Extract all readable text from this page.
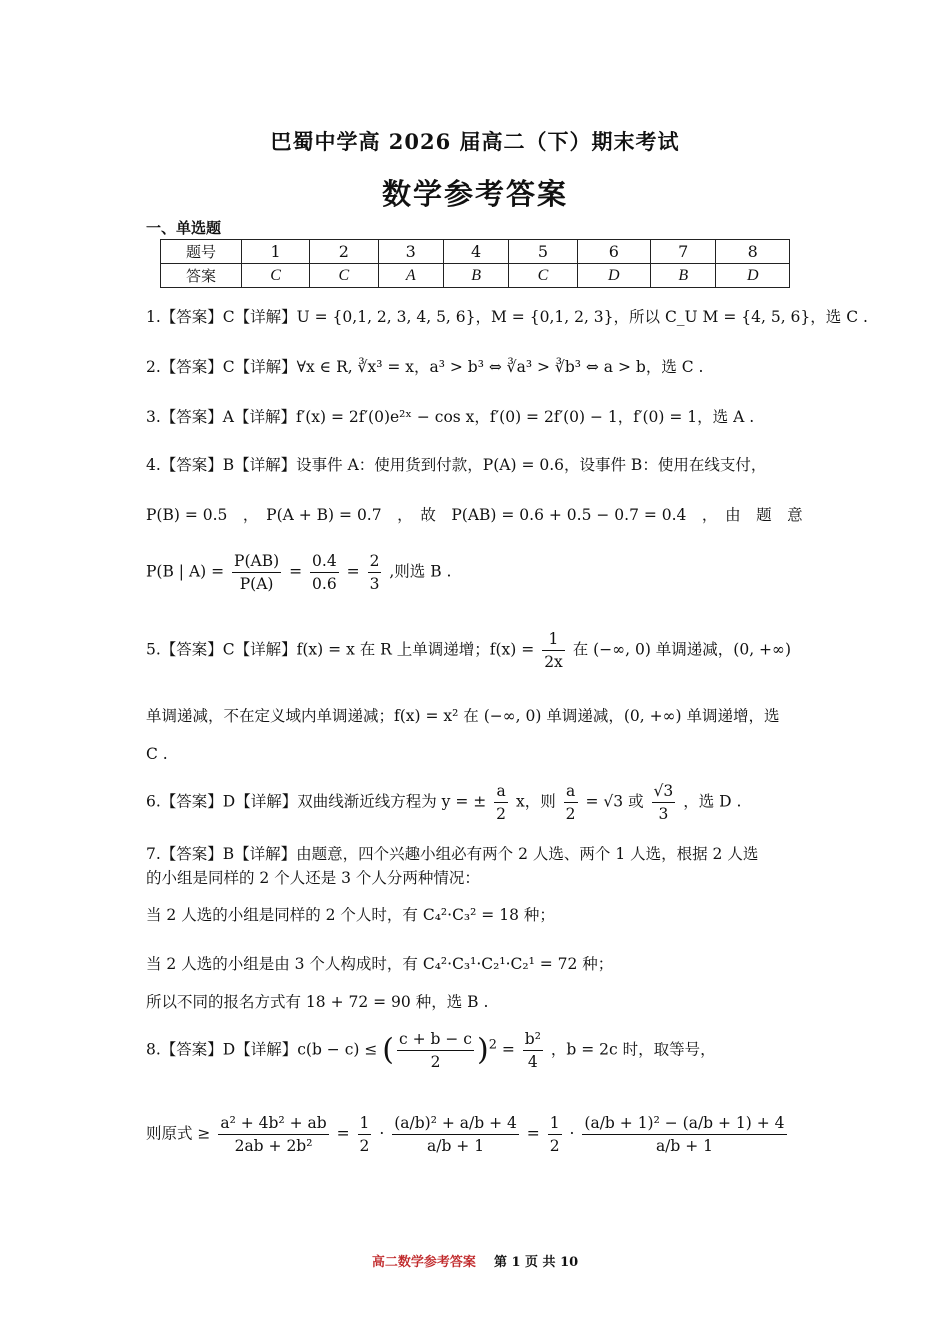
巴蜀中学高 2026 届高二（下）期末考试
数学参考答案
一、单选题
题号	1	2	3	4	5	6	7	8
答案	C	C	A	B	C	D	B	D
1.【答案】C【详解】U = {0,1, 2, 3, 4, 5, 6}，M = {0,1, 2, 3}，所以 C_U M = {4, 5, 6}，选 C .
2.【答案】C【详解】∀x ∈ R, ∛x³ = x，a³ > b³ ⇔ ∛a³ > ∛b³ ⇔ a > b，选 C .
3.【答案】A【详解】f′(x) = 2f′(0)e²ˣ − cos x，f′(0) = 2f′(0) − 1，f′(0) = 1，选 A .
4.【答案】B【详解】设事件 A：使用货到付款，P(A) = 0.6，设事件 B：使用在线支付，
P(B) = 0.5　，　P(A + B) = 0.7　，　故　P(AB) = 0.6 + 0.5 − 0.7 = 0.4　，　由　题　意
P(B | $A) = \frac{P(AB)}{P(A)} = \frac{0.4}{0.6} = \frac{2}{3}$ ,则选 B .
5.【答案】C【详解】f(x) = x 在 R 上单调递增；$f(x) = \frac{1}{2x}$ 在 (−∞, 0) 单调递减，(0, +∞)
单调递减，不在定义域内单调递减；f(x) = x² 在 (−∞, 0) 单调递减，(0, +∞) 单调递增，选
C .
6.【答案】D【详解】双曲线渐近线方程为 y = ± $\frac{a}{2}$ x，则 $\frac{a}{2} = √3$ 或 $\frac{√3}{3}$ ，选 D .
7.【答案】B【详解】由题意，四个兴趣小组必有两个 2 人选、两个 1 人选，根据 2 人选
的小组是同样的 2 个人还是 3 个人分两种情况：
当 2 人选的小组是同样的 2 个人时，有 C₄²·C₃² = 18 种；
当 2 人选的小组是由 3 个人构成时，有 C₄²·C₃¹·C₂¹·C₂¹ = 72 种；
所以不同的报名方式有 18 + 72 = 90 种，选 B .
8.【答案】D【详解】c(b − c) ≤ ( $\frac{c + b - c}{2} )^2 = \frac{\text{b²}}{4}$ ，b = 2c 时，取等号，
则原式 ≥ $\frac{\text{a² + 4b² + ab}}{\text{2ab + 2b²}} = \frac{1}{2} \cdot \frac{\text{(a/b)² + a/b + 4}}{a/b + 1} = \frac{1}{2} \cdot \frac{\text{(a/b + 1)² − (a/b + 1) + 4}}{a/b + 1}$
高二数学参考答案 第 1 页 共 10
